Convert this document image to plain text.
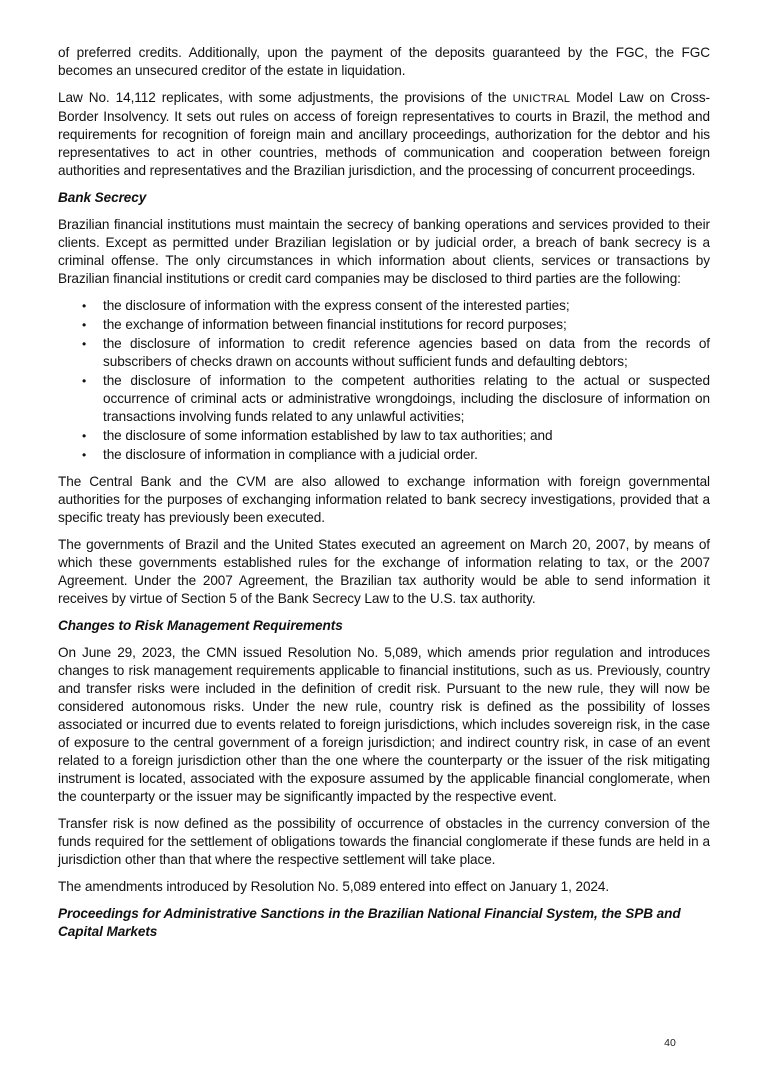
of preferred credits. Additionally, upon the payment of the deposits guaranteed by the FGC, the FGC becomes an unsecured creditor of the estate in liquidation.

Law No. 14,112 replicates, with some adjustments, the provisions of the UNICTRAL Model Law on Cross-Border Insolvency. It sets out rules on access of foreign representatives to courts in Brazil, the method and requirements for recognition of foreign main and ancillary proceedings, authorization for the debtor and his representatives to act in other countries, methods of communication and cooperation between foreign authorities and representatives and the Brazilian jurisdiction, and the processing of concurrent proceedings.

Bank Secrecy

Brazilian financial institutions must maintain the secrecy of banking operations and services provided to their clients. Except as permitted under Brazilian legislation or by judicial order, a breach of bank secrecy is a criminal offense. The only circumstances in which information about clients, services or transactions by Brazilian financial institutions or credit card companies may be disclosed to third parties are the following:

• the disclosure of information with the express consent of the interested parties;
• the exchange of information between financial institutions for record purposes;
• the disclosure of information to credit reference agencies based on data from the records of subscribers of checks drawn on accounts without sufficient funds and defaulting debtors;
• the disclosure of information to the competent authorities relating to the actual or suspected occurrence of criminal acts or administrative wrongdoings, including the disclosure of information on transactions involving funds related to any unlawful activities;
• the disclosure of some information established by law to tax authorities; and
• the disclosure of information in compliance with a judicial order.

The Central Bank and the CVM are also allowed to exchange information with foreign governmental authorities for the purposes of exchanging information related to bank secrecy investigations, provided that a specific treaty has previously been executed.

The governments of Brazil and the United States executed an agreement on March 20, 2007, by means of which these governments established rules for the exchange of information relating to tax, or the 2007 Agreement. Under the 2007 Agreement, the Brazilian tax authority would be able to send information it receives by virtue of Section 5 of the Bank Secrecy Law to the U.S. tax authority.

Changes to Risk Management Requirements

On June 29, 2023, the CMN issued Resolution No. 5,089, which amends prior regulation and introduces changes to risk management requirements applicable to financial institutions, such as us. Previously, country and transfer risks were included in the definition of credit risk. Pursuant to the new rule, they will now be considered autonomous risks. Under the new rule, country risk is defined as the possibility of losses associated or incurred due to events related to foreign jurisdictions, which includes sovereign risk, in the case of exposure to the central government of a foreign jurisdiction; and indirect country risk, in case of an event related to a foreign jurisdiction other than the one where the counterparty or the issuer of the risk mitigating instrument is located, associated with the exposure assumed by the applicable financial conglomerate, when the counterparty or the issuer may be significantly impacted by the respective event.

Transfer risk is now defined as the possibility of occurrence of obstacles in the currency conversion of the funds required for the settlement of obligations towards the financial conglomerate if these funds are held in a jurisdiction other than that where the respective settlement will take place.

The amendments introduced by Resolution No. 5,089 entered into effect on January 1, 2024.

Proceedings for Administrative Sanctions in the Brazilian National Financial System, the SPB and Capital Markets
40
